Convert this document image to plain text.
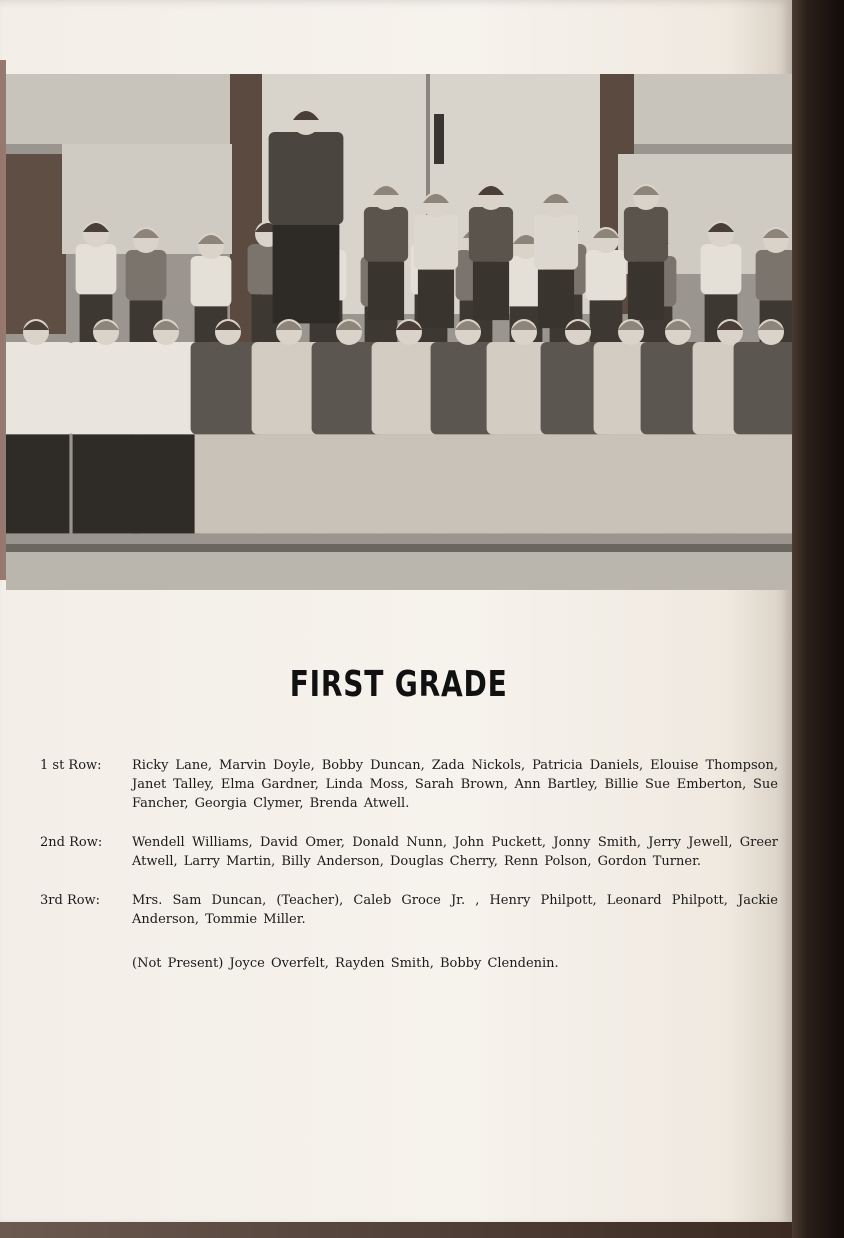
FIRST GRADE
1 st Row: Ricky Lane, Marvin Doyle, Bobby Duncan, Zada Nickols, Patricia Daniels, Elouise Thompson, Janet Talley, Elma Gardner, Linda Moss, Sarah Brown, Ann Bartley, Billie Sue Emberton, Sue Fancher, Georgia Clymer, Brenda Atwell.
2nd Row: Wendell Williams, David Omer, Donald Nunn, John Puckett, Jonny Smith, Jerry Jewell, Greer Atwell, Larry Martin, Billy Anderson, Douglas Cherry, Renn Polson, Gordon Turner.
3rd Row: Mrs. Sam Duncan, (Teacher), Caleb Groce Jr. , Henry Philpott, Leonard Philpott, Jackie Anderson, Tommie Miller.
(Not Present) Joyce Overfelt, Rayden Smith, Bobby Clendenin.
